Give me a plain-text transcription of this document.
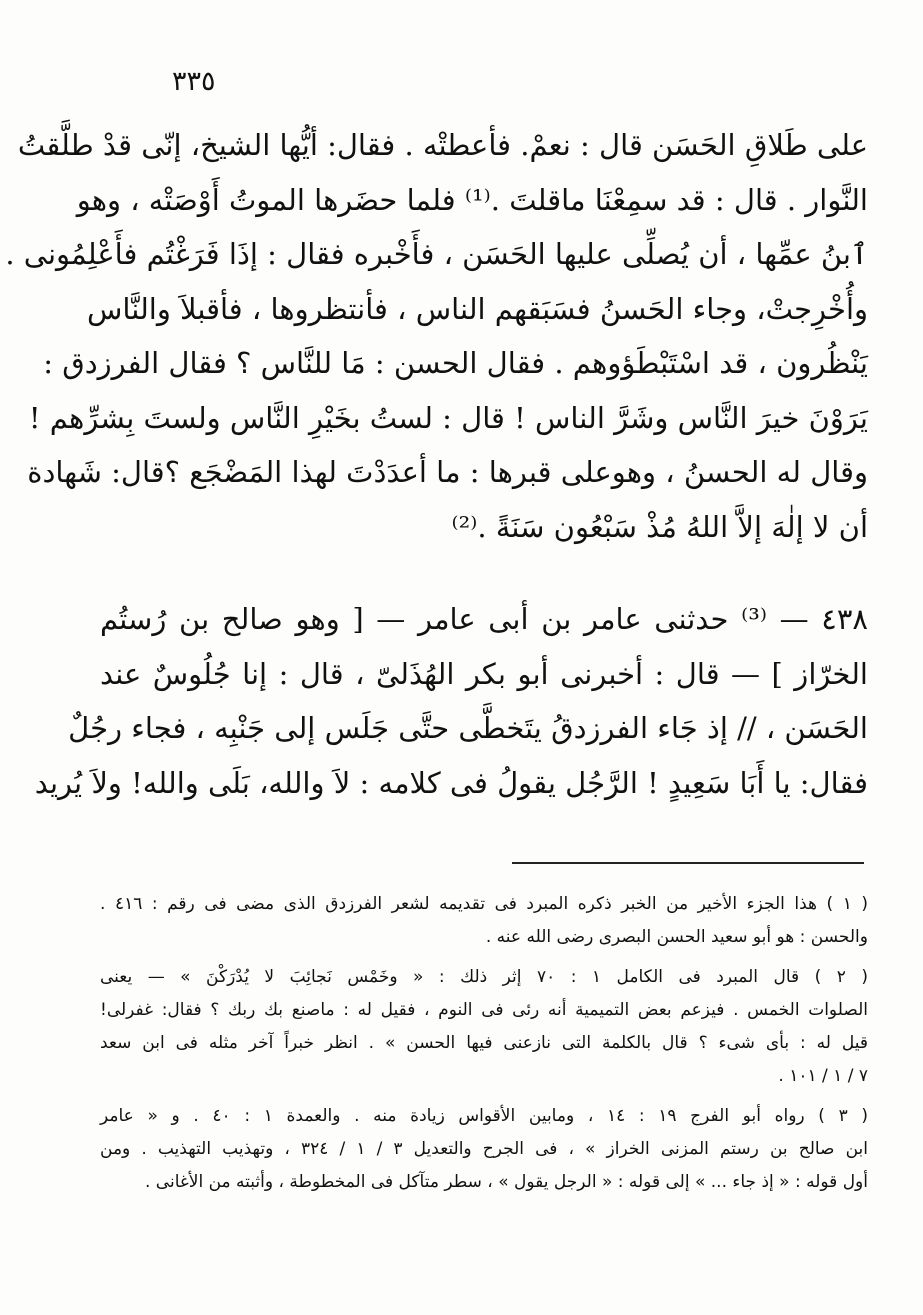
٣٣٥
على طَلاقِ الحَسَن قال : نعمْ. فأعطتْه . فقال: أيُّها الشيخ، إنّى قدْ طلَّقتُ
النَّوار . قال : قد سمِعْنَا ماقلتَ .⁽¹⁾ فلما حضَرها الموتُ أَوْصَتْه ، وهو
ٱبنُ عمِّها ، أن يُصلِّى عليها الحَسَن ، فأَخْبره فقال : إذَا فَرَغْتُم فأَعْلِمُونى .
وأُخْرِجتْ، وجاء الحَسنُ فسَبَقهم الناس ، فأنتظروها ، فأقبلاَ والنَّاس
يَنْظُرون ، قد اسْتَبْطَؤوهم . فقال الحسن : مَا للنَّاس ؟ فقال الفرزدق :
يَرَوْنَ خيرَ النَّاس وشَرَّ الناس ! قال : لستُ بخَيْرِ النَّاس ولستَ بِشرِّهم !
وقال له الحسنُ ، وهوعلى قبرها : ما أعدَدْتَ لهذا المَضْجَع ؟قال: شَهادة
أن لا إلٰهَ إلاَّ اللهُ مُذْ سَبْعُون سَنَةً .⁽²⁾
٤٣٨ — ⁽³⁾ حدثنى عامر بن أبى عامر — [ وهو صالح بن رُستُم
الخرّاز ] — قال : أخبرنى أبو بكر الهُذَلىّ ، قال : إنا جُلُوسٌ عند
الحَسَن ، // إذ جَاء الفرزدقُ يتَخطَّى حتَّى جَلَس إلى جَنْبِه ، فجاء رجُلٌ
فقال: يا أَبَا سَعِيدٍ ! الرَّجُل يقولُ فى كلامه : لاَ والله، بَلَى والله! ولاَ يُريد
( ١ ) هذا الجزء الأخير من الخبر ذكره المبرد فى تقديمه لشعر الفرزدق الذى مضى فى رقم : ٤١٦ .
والحسن : هو أبو سعيد الحسن البصرى رضى الله عنه .
( ٢ ) قال المبرد فى الكامل ١ : ٧٠ إثر ذلك : « وخَمْس نَجائِبَ لا يُدْرَكْنَ » — يعنى
الصلوات الخمس . فيزعم بعض التميمية أنه رئى فى النوم ، فقيل له : ماصنع بك ربك ؟ فقال: غفرلى!
قيل له : بأى شىء ؟ قال بالكلمة التى نازعنى فيها الحسن » . انظر خبراً آخر مثله فى ابن سعد
٧ / ١ / ١٠١ .
( ٣ ) رواه أبو الفرج ١٩ : ١٤ ، ومابين الأقواس زيادة منه . والعمدة ١ : ٤٠ . و « عامر
ابن صالح بن رستم المزنى الخراز » ، فى الجرح والتعديل ٣ / ١ / ٣٢٤ ، وتهذيب التهذيب . ومن
أول قوله : « إذ جاء ... » إلى قوله : « الرجل يقول » ، سطر متآكل فى المخطوطة ، وأثبته من الأغانى .
